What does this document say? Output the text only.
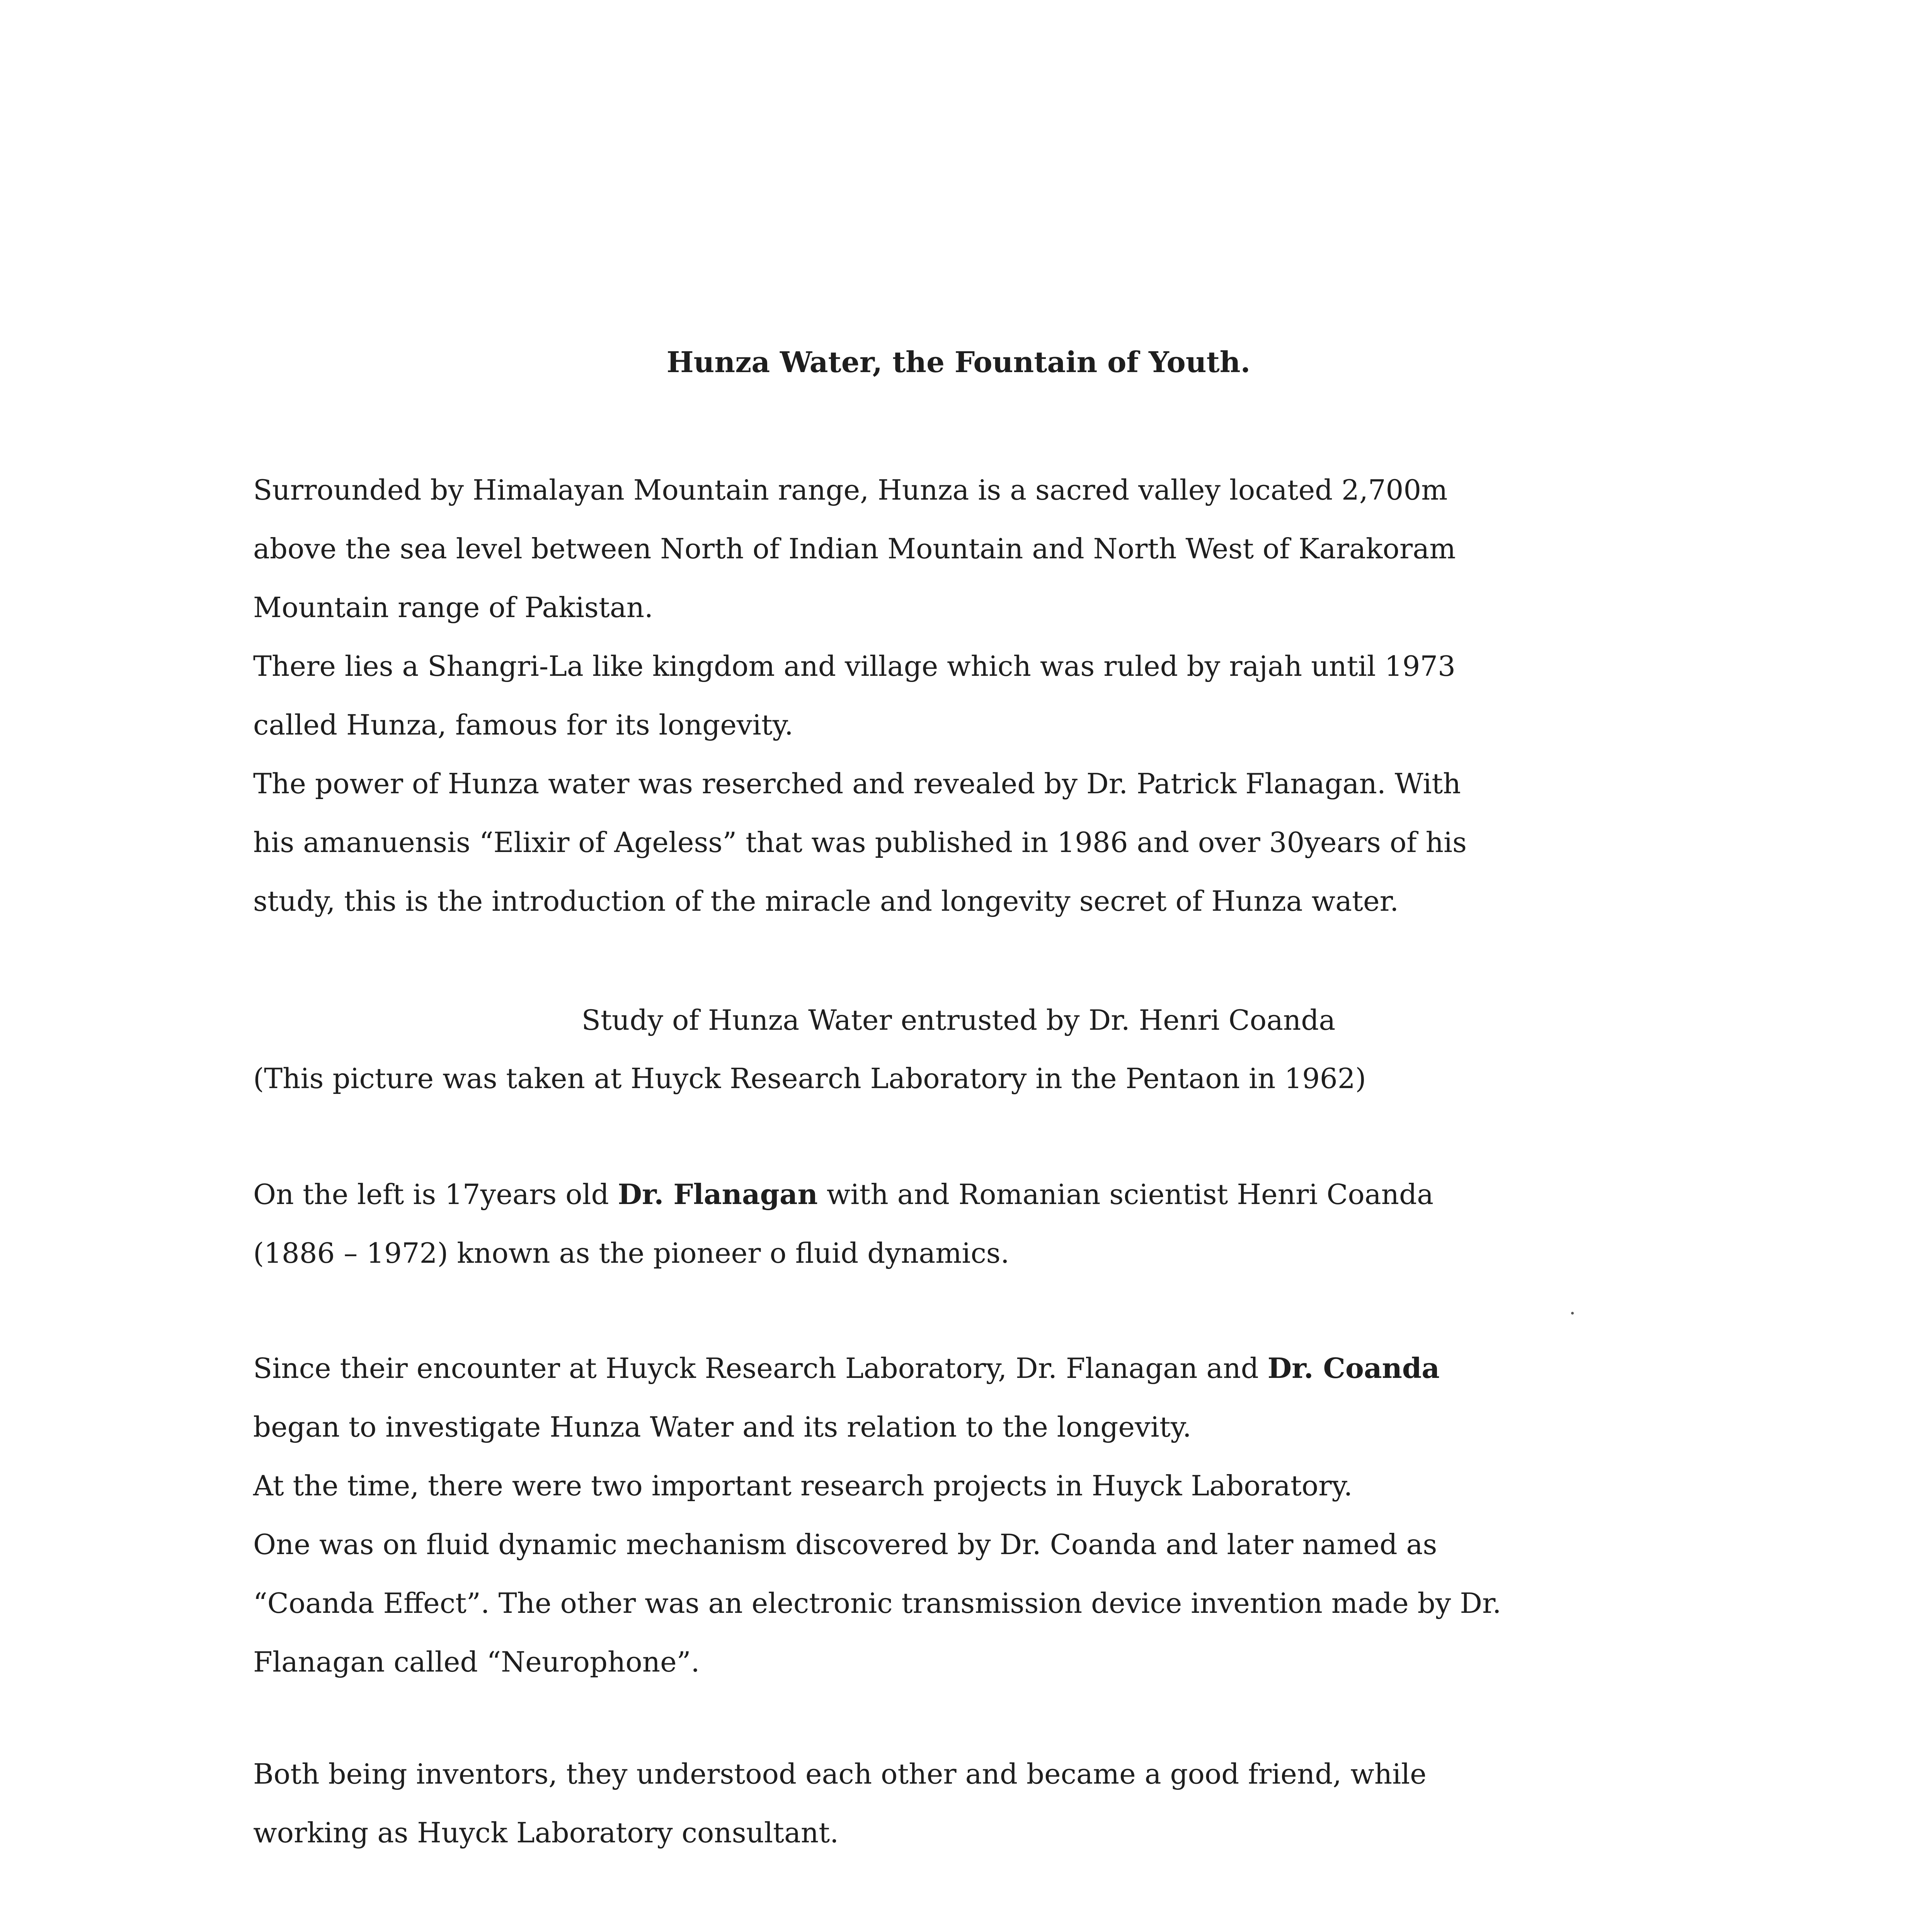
Hunza Water, the Fountain of Youth.

Surrounded by Himalayan Mountain range, Hunza is a sacred valley located 2,700m
above the sea level between North of Indian Mountain and North West of Karakoram
Mountain range of Pakistan.
There lies a Shangri-La like kingdom and village which was ruled by rajah until 1973
called Hunza, famous for its longevity.
The power of Hunza water was reserched and revealed by Dr. Patrick Flanagan. With
his amanuensis “Elixir of Ageless” that was published in 1986 and over 30years of his
study, this is the introduction of the miracle and longevity secret of Hunza water.

Study of Hunza Water entrusted by Dr. Henri Coanda

(This picture was taken at Huyck Research Laboratory in the Pentaon in 1962)

On the left is 17years old Dr. Flanagan with and Romanian scientist Henri Coanda
(1886 – 1972) known as the pioneer o fluid dynamics.

Since their encounter at Huyck Research Laboratory, Dr. Flanagan and Dr. Coanda
began to investigate Hunza Water and its relation to the longevity.
At the time, there were two important research projects in Huyck Laboratory.
One was on fluid dynamic mechanism discovered by Dr. Coanda and later named as
“Coanda Effect”. The other was an electronic transmission device invention made by Dr.
Flanagan called “Neurophone”.

Both being inventors, they understood each other and became a good friend, while
working as Huyck Laboratory consultant.
